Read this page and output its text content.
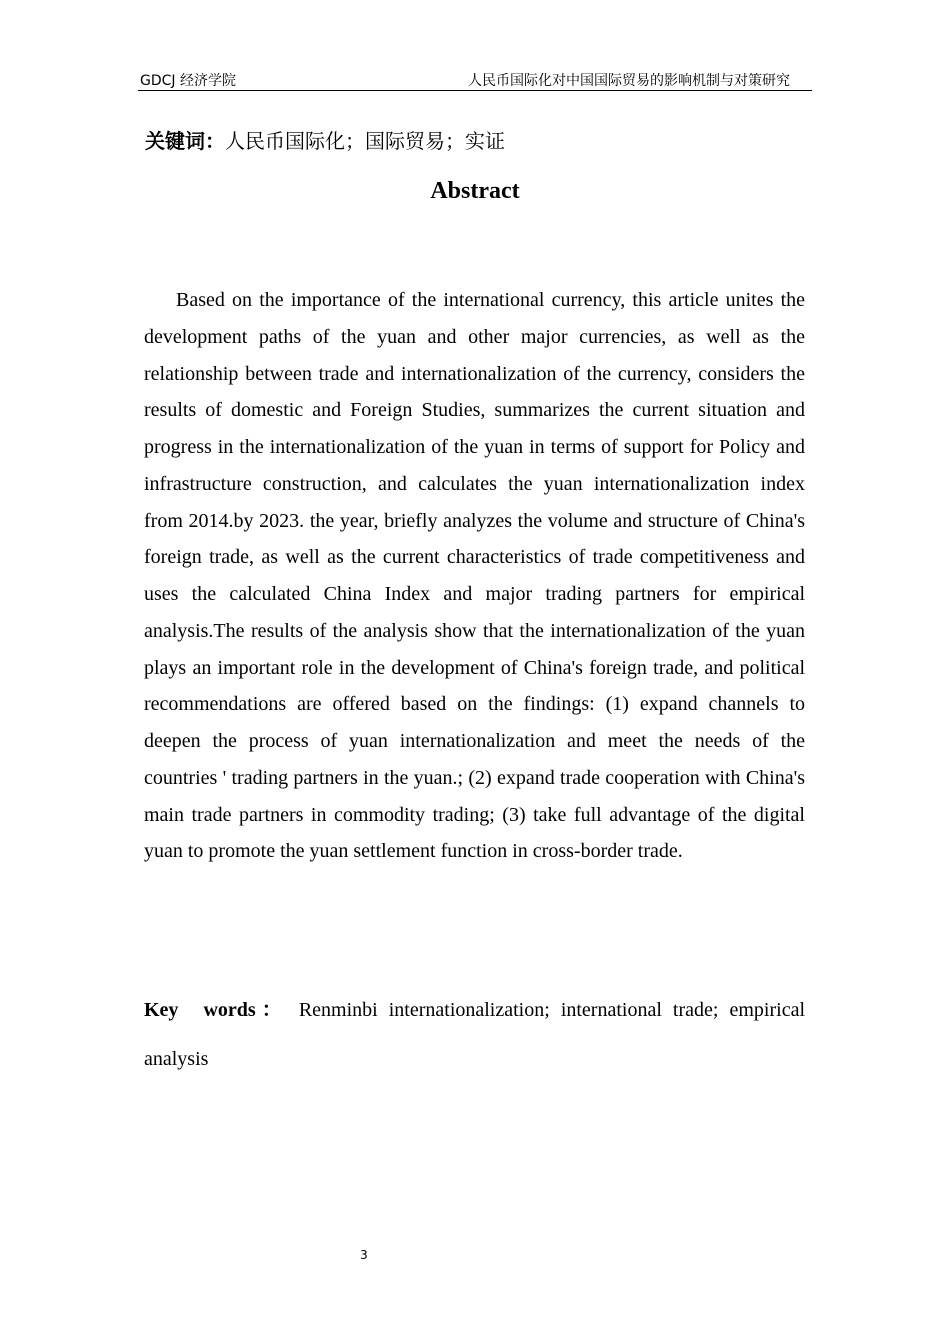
GDCJ 经济学院	人民币国际化对中国国际贸易的影响机制与对策研究
关键词：人民币国际化；国际贸易；实证
Abstract

Based on the importance of the international currency, this article unites the development paths of the yuan and other major currencies, as well as the relationship between trade and internationalization of the currency, considers the results of domestic and Foreign Studies, summarizes the current situation and progress in the internationalization of the yuan in terms of support for Policy and infrastructure construction, and calculates the yuan internationalization index from 2014.by 2023. the year, briefly analyzes the volume and structure of China's foreign trade, as well as the current characteristics of trade competitiveness and uses the calculated China Index and major trading partners for empirical analysis.The results of the analysis show that the internationalization of the yuan plays an important role in the development of China's foreign trade, and political recommendations are offered based on the findings: (1) expand channels to deepen the process of yuan internationalization and meet the needs of the countries ' trading partners in the yuan.; (2) expand trade cooperation with China's main trade partners in commodity trading; (3) take full advantage of the digital yuan to promote the yuan settlement function in cross-border trade.

Key words： Renminbi internationalization; international trade; empirical analysis

3
